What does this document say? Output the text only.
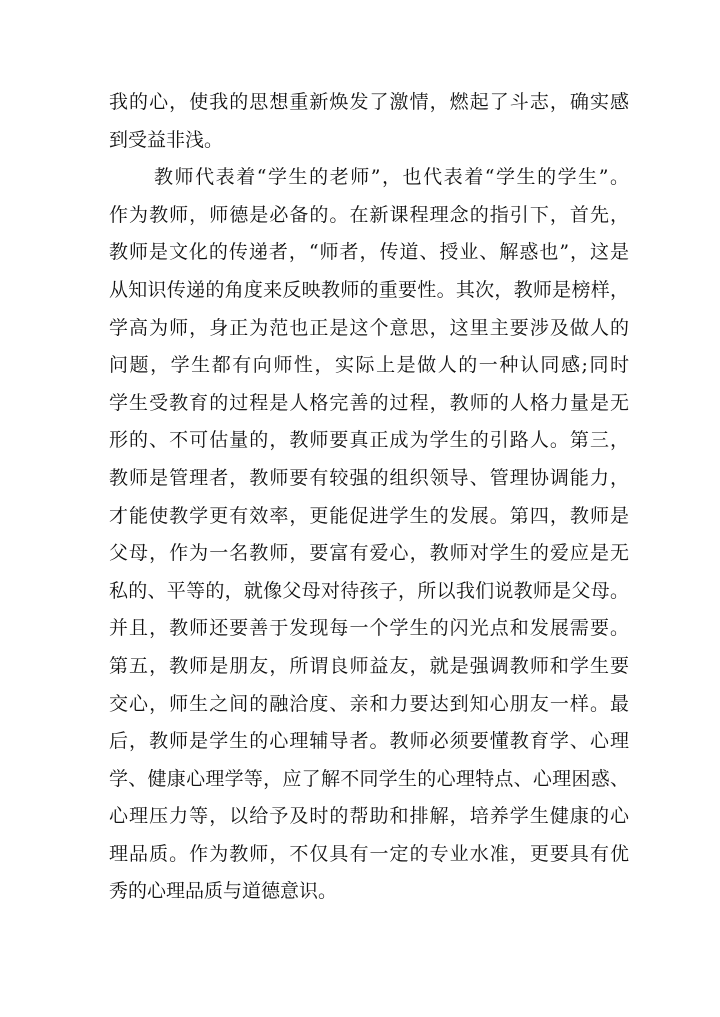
我的心，使我的思想重新焕发了激情，燃起了斗志，确实感
到受益非浅。
教师代表着“学生的老师”，也代表着“学生的学生”。
作为教师，师德是必备的。在新课程理念的指引下，首先，
教师是文化的传递者，“师者，传道、授业、解惑也”，这是
从知识传递的角度来反映教师的重要性。其次，教师是榜样，
学高为师，身正为范也正是这个意思，这里主要涉及做人的
问题，学生都有向师性，实际上是做人的一种认同感;同时
学生受教育的过程是人格完善的过程，教师的人格力量是无
形的、不可估量的，教师要真正成为学生的引路人。第三，
教师是管理者，教师要有较强的组织领导、管理协调能力，
才能使教学更有效率，更能促进学生的发展。第四，教师是
父母，作为一名教师，要富有爱心，教师对学生的爱应是无
私的、平等的，就像父母对待孩子，所以我们说教师是父母。
并且，教师还要善于发现每一个学生的闪光点和发展需要。
第五，教师是朋友，所谓良师益友，就是强调教师和学生要
交心，师生之间的融洽度、亲和力要达到知心朋友一样。最
后，教师是学生的心理辅导者。教师必须要懂教育学、心理
学、健康心理学等，应了解不同学生的心理特点、心理困惑、
心理压力等，以给予及时的帮助和排解，培养学生健康的心
理品质。作为教师，不仅具有一定的专业水准，更要具有优
秀的心理品质与道德意识。
